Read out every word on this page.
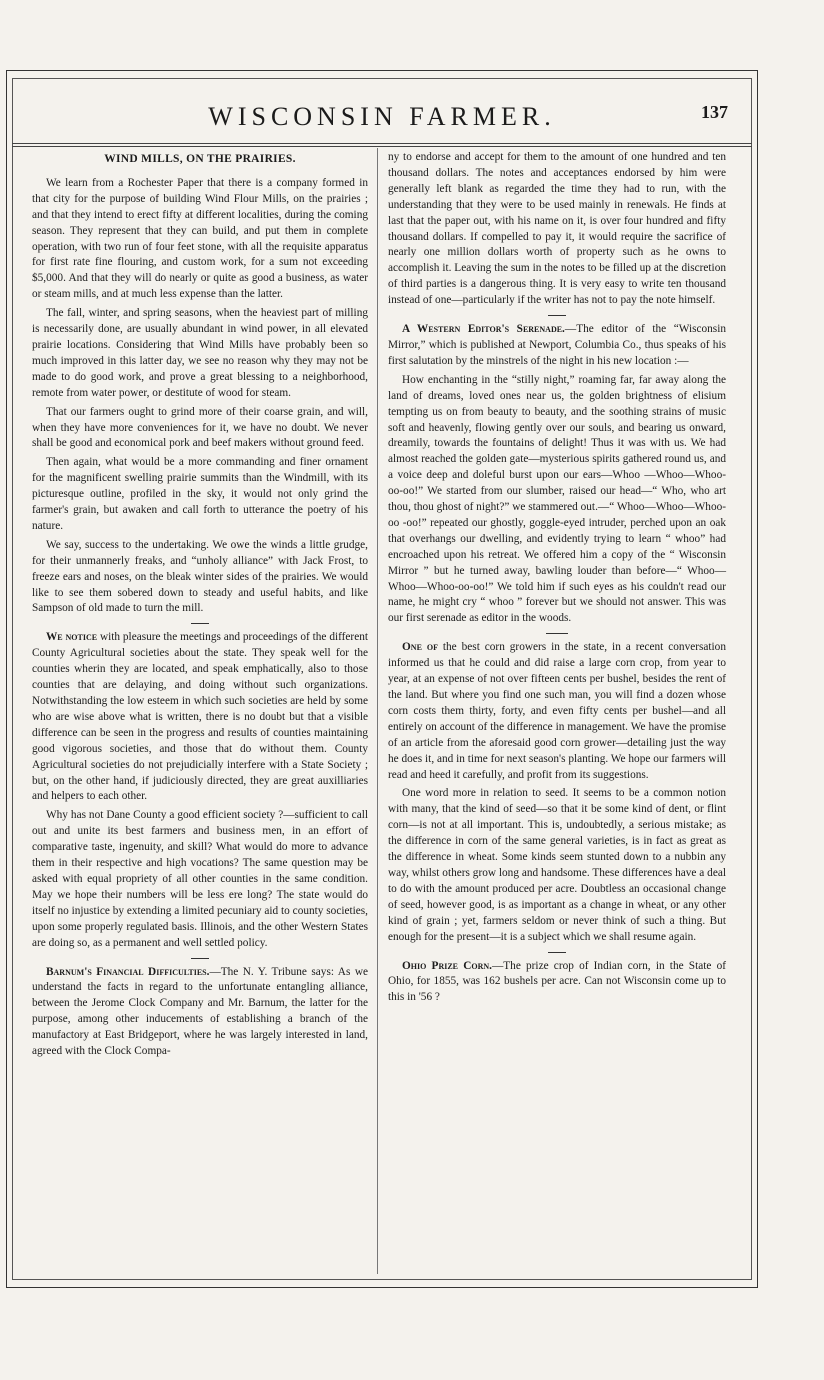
WISCONSIN FARMER.	137
WIND MILLS, ON THE PRAIRIES.

We learn from a Rochester Paper that there is a company formed in that city for the purpose of building Wind Flour Mills, on the prairies ; and that they intend to erect fifty at different localities, during the coming season. They represent that they can build, and put them in complete operation, with two run of four feet stone, with all the requisite apparatus for first rate fine flouring, and custom work, for a sum not exceeding $5,000. And that they will do nearly or quite as good a business, as water or steam mills, and at much less expense than the latter.

The fall, winter, and spring seasons, when the heaviest part of milling is necessarily done, are usually abundant in wind power, in all elevated prairie locations. Considering that Wind Mills have probably been so much improved in this latter day, we see no reason why they may not be made to do good work, and prove a great blessing to a neighborhood, remote from water power, or destitute of wood for steam.

That our farmers ought to grind more of their coarse grain, and will, when they have more conveniences for it, we have no doubt. We never shall be good and economical pork and beef makers without ground feed.

Then again, what would be a more commanding and finer ornament for the magnificent swelling prairie summits than the Windmill, with its picturesque outline, profiled in the sky, it would not only grind the farmer's grain, but awaken and call forth to utterance the poetry of his nature.

We say, success to the undertaking. We owe the winds a little grudge, for their unmannerly freaks, and “unholy alliance” with Jack Frost, to freeze ears and noses, on the bleak winter sides of the prairies. We would like to see them sobered down to steady and useful habits, and like Sampson of old made to turn the mill.

We notice with pleasure the meetings and proceedings of the different County Agricultural societies about the state. They speak well for the counties wherin they are located, and speak emphatically, also to those counties that are delaying, and doing without such organizations. Notwithstanding the low esteem in which such societies are held by some who are wise above what is written, there is no doubt but that a visible difference can be seen in the progress and results of counties maintaining good vigorous societies, and those that do without them. County Agricultural societies do not prejudicially interfere with a State Society ; but, on the other hand, if judiciously directed, they are great auxilliaries and helpers to each other.

Why has not Dane County a good efficient society ?—sufficient to call out and unite its best farmers and business men, in an effort of comparative taste, ingenuity, and skill? What would do more to advance them in their respective and high vocations? The same question may be asked with equal propriety of all other counties in the same condition. May we hope their numbers will be less ere long? The state would do itself no injustice by extending a limited pecuniary aid to county societies, upon some properly regulated basis. Illinois, and the other Western States are doing so, as a permanent and well settled policy.

Barnum's Financial Difficulties.—The N. Y. Tribune says: As we understand the facts in regard to the unfortunate entangling alliance, between the Jerome Clock Company and Mr. Barnum, the latter for the purpose, among other inducements of establishing a branch of the manufactory at East Bridgeport, where he was largely interested in land, agreed with the Clock Compa-

ny to endorse and accept for them to the amount of one hundred and ten thousand dollars. The notes and acceptances endorsed by him were generally left blank as regarded the time they had to run, with the understanding that they were to be used mainly in renewals. He finds at last that the paper out, with his name on it, is over four hundred and fifty thousand dollars. If compelled to pay it, it would require the sacrifice of nearly one million dollars worth of property such as he owns to accomplish it. Leaving the sum in the notes to be filled up at the discretion of third parties is a dangerous thing. It is very easy to write ten thousand instead of one—particularly if the writer has not to pay the note himself.

A Western Editor's Serenade.—The editor of the “Wisconsin Mirror,” which is published at Newport, Columbia Co., thus speaks of his first salutation by the minstrels of the night in his new location :—

How enchanting in the “stilly night,” roaming far, far away along the land of dreams, loved ones near us, the golden brightness of elisium tempting us on from beauty to beauty, and the soothing strains of music soft and heavenly, flowing gently over our souls, and bearing us onward, dreamily, towards the fountains of delight! Thus it was with us. We had almost reached the golden gate—mysterious spirits gathered round us, and a voice deep and doleful burst upon our ears—Whoo —Whoo—Whoo-oo-oo!” We started from our slumber, raised our head—“ Who, who art thou, thou ghost of night?” we stammered out.—“ Whoo—Whoo—Whoo-oo -oo!” repeated our ghostly, goggle-eyed intruder, perched upon an oak that overhangs our dwelling, and evidently trying to learn “ whoo” had encroached upon his retreat. We offered him a copy of the “ Wisconsin Mirror ” but he turned away, bawling louder than before—“ Whoo—Whoo—Whoo-oo-oo!” We told him if such eyes as his couldn't read our name, he might cry “ whoo ” forever but we should not answer. This was our first serenade as editor in the woods.

One of the best corn growers in the state, in a recent conversation informed us that he could and did raise a large corn crop, from year to year, at an expense of not over fifteen cents per bushel, besides the rent of the land. But where you find one such man, you will find a dozen whose corn costs them thirty, forty, and even fifty cents per bushel—and all entirely on account of the difference in management. We have the promise of an article from the aforesaid good corn grower—detailing just the way he does it, and in time for next season's planting. We hope our farmers will read and heed it carefully, and profit from its suggestions.

One word more in relation to seed. It seems to be a common notion with many, that the kind of seed—so that it be some kind of dent, or flint corn—is not at all important. This is, undoubtedly, a serious mistake; as the difference in corn of the same general varieties, is in fact as great as the difference in wheat. Some kinds seem stunted down to a nubbin any way, whilst others grow long and handsome. These differences have a deal to do with the amount produced per acre. Doubtless an occasional change of seed, however good, is as important as a change in wheat, or any other kind of grain ; yet, farmers seldom or never think of such a thing. But enough for the present—it is a subject which we shall resume again.

Ohio Prize Corn.—The prize crop of Indian corn, in the State of Ohio, for 1855, was 162 bushels per acre. Can not Wisconsin come up to this in '56 ?
